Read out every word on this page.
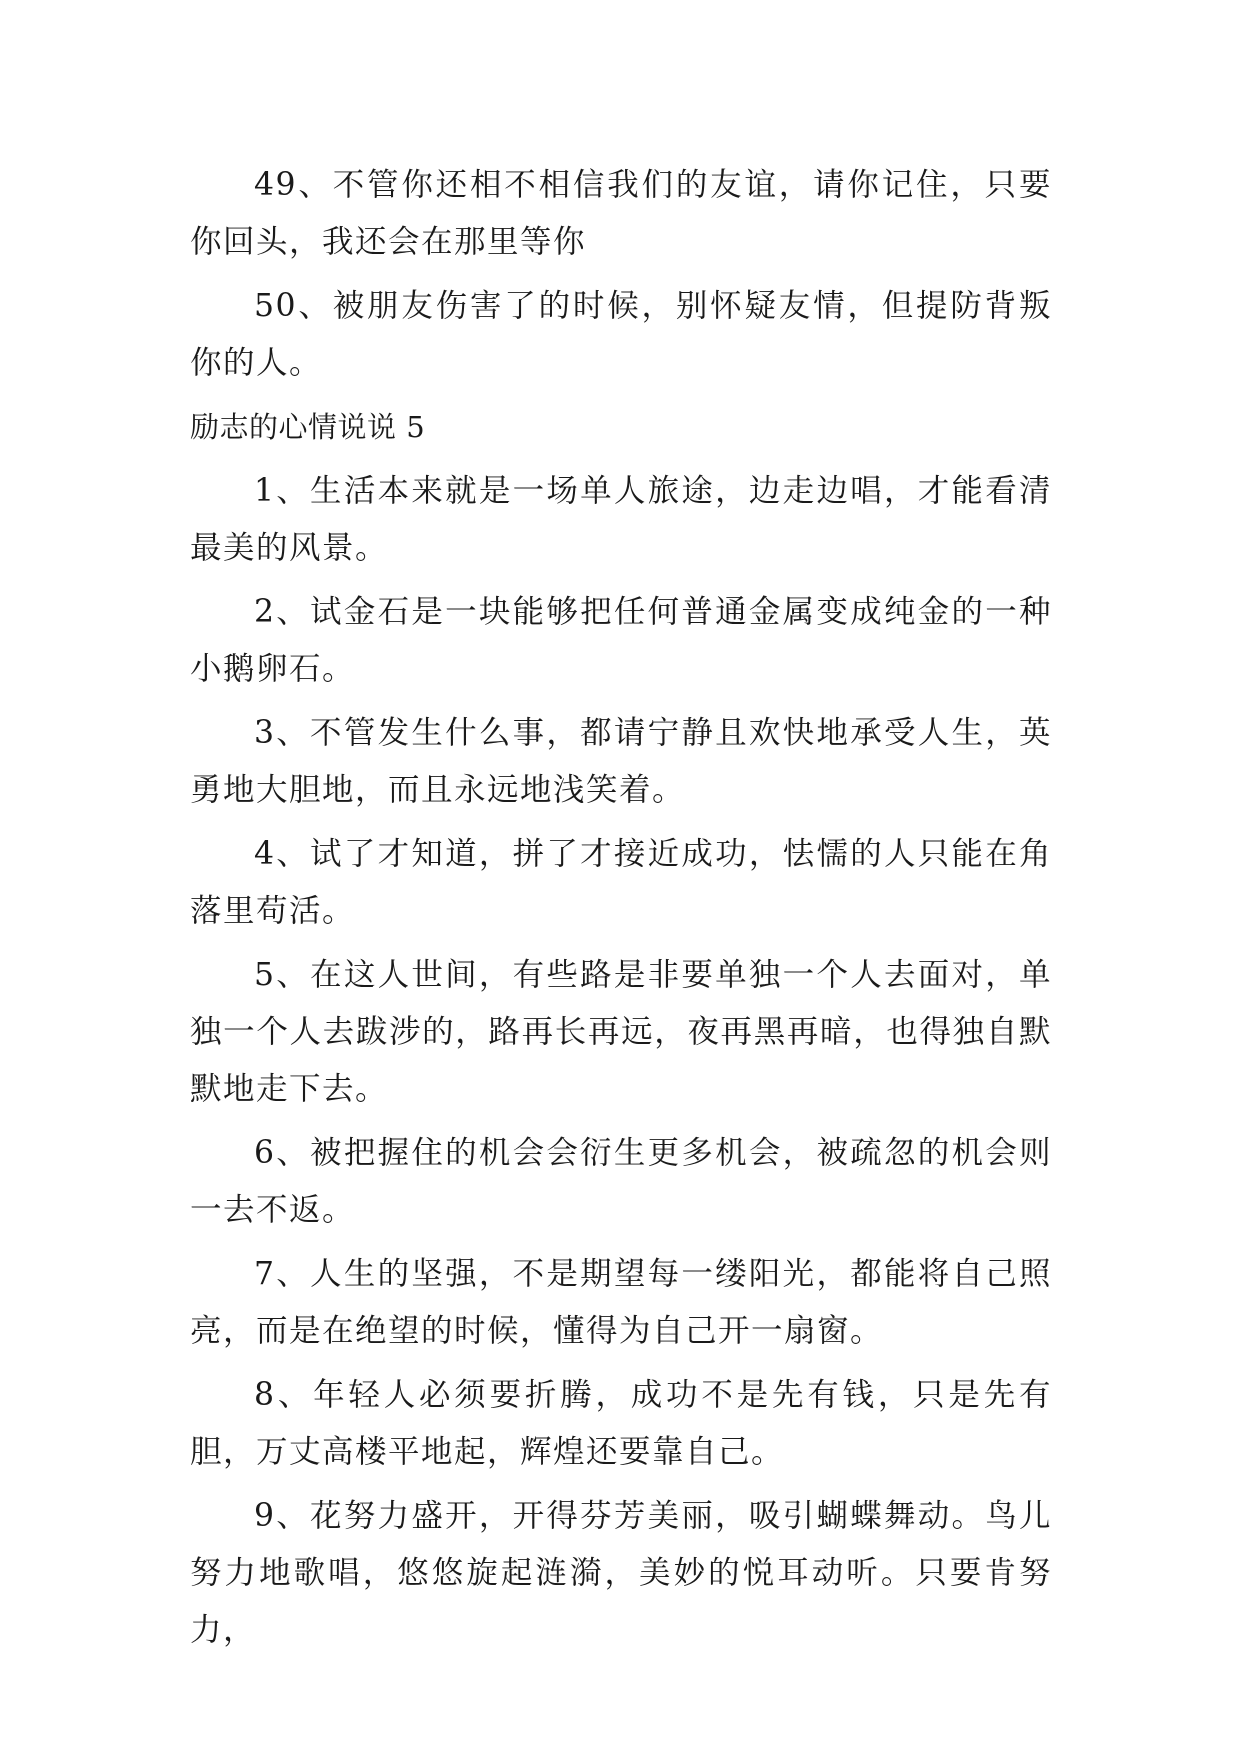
49、不管你还相不相信我们的友谊，请你记住，只要你回头，我还会在那里等你

50、被朋友伤害了的时候，别怀疑友情，但提防背叛你的人。

励志的心情说说 5

1、生活本来就是一场单人旅途，边走边唱，才能看清最美的风景。

2、试金石是一块能够把任何普通金属变成纯金的一种小鹅卵石。

3、不管发生什么事，都请宁静且欢快地承受人生，英勇地大胆地，而且永远地浅笑着。

4、试了才知道，拼了才接近成功，怯懦的人只能在角落里苟活。

5、在这人世间，有些路是非要单独一个人去面对，单独一个人去跋涉的，路再长再远，夜再黑再暗，也得独自默默地走下去。

6、被把握住的机会会衍生更多机会，被疏忽的机会则一去不返。

7、人生的坚强，不是期望每一缕阳光，都能将自己照亮，而是在绝望的时候，懂得为自己开一扇窗。

8、年轻人必须要折腾，成功不是先有钱，只是先有胆，万丈高楼平地起，辉煌还要靠自己。

9、花努力盛开，开得芬芳美丽，吸引蝴蝶舞动。鸟儿努力地歌唱，悠悠旋起涟漪，美妙的悦耳动听。只要肯努力，
